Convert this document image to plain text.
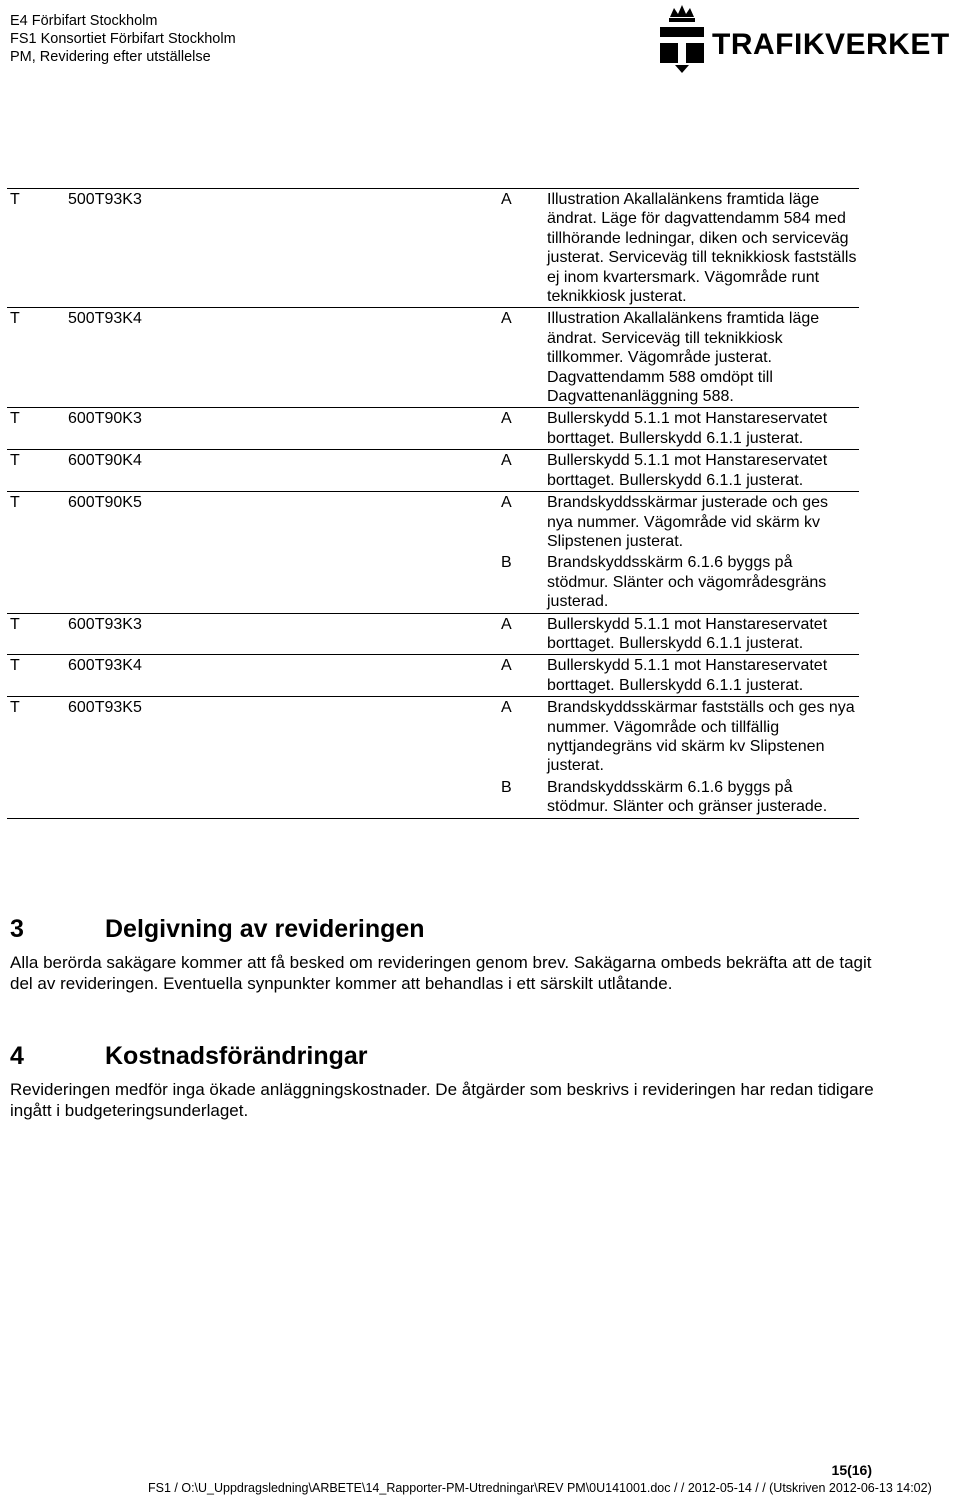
E4 Förbifart Stockholm
FS1 Konsortiet Förbifart Stockholm
PM, Revidering efter utställelse	TRAFIKVERKET
T	500T93K3	A Illustration Akallalänkens framtida läge ändrat. Läge för dagvattendamm 584 med tillhörande ledningar, diken och serviceväg justerat. Serviceväg till teknikkiosk fastställs ej inom kvartersmark. Vägområde runt teknikkiosk justerat.
T	500T93K4	A Illustration Akallalänkens framtida läge ändrat. Serviceväg till teknikkiosk tillkommer. Vägområde justerat. Dagvattendamm 588 omdöpt till Dagvattenanläggning 588.
T	600T90K3	A Bullerskydd 5.1.1 mot Hanstareservatet borttaget. Bullerskydd 6.1.1 justerat.
T	600T90K4	A Bullerskydd 5.1.1 mot Hanstareservatet borttaget. Bullerskydd 6.1.1 justerat.
T	600T90K5	A Brandskyddsskärmar justerade och ges nya nummer. Vägområde vid skärm kv Slipstenen justerat.
B Brandskyddsskärm 6.1.6 byggs på stödmur. Slänter och vägområdesgräns justerad.
T	600T93K3	A Bullerskydd 5.1.1 mot Hanstareservatet borttaget. Bullerskydd 6.1.1 justerat.
T	600T93K4	A Bullerskydd 5.1.1 mot Hanstareservatet borttaget. Bullerskydd 6.1.1 justerat.
T	600T93K5	A Brandskyddsskärmar fastställs och ges nya nummer. Vägområde och tillfällig nyttjandegräns vid skärm kv Slipstenen justerat.
B Brandskyddsskärm 6.1.6 byggs på stödmur. Slänter och gränser justerade.
3	Delgivning av revideringen
Alla berörda sakägare kommer att få besked om revideringen genom brev. Sakägarna ombeds bekräfta att de tagit del av revideringen. Eventuella synpunkter kommer att behandlas i ett särskilt utlåtande.
4	Kostnadsförändringar
Revideringen medför inga ökade anläggningskostnader. De åtgärder som beskrivs i revideringen har redan tidigare ingått i budgeteringsunderlaget.
15(16)
FS1 / O:\U_Uppdragsledning\ARBETE\14_Rapporter-PM-Utredningar\REV PM\0U141001.doc / / 2012-05-14 / / (Utskriven 2012-06-13 14:02)
